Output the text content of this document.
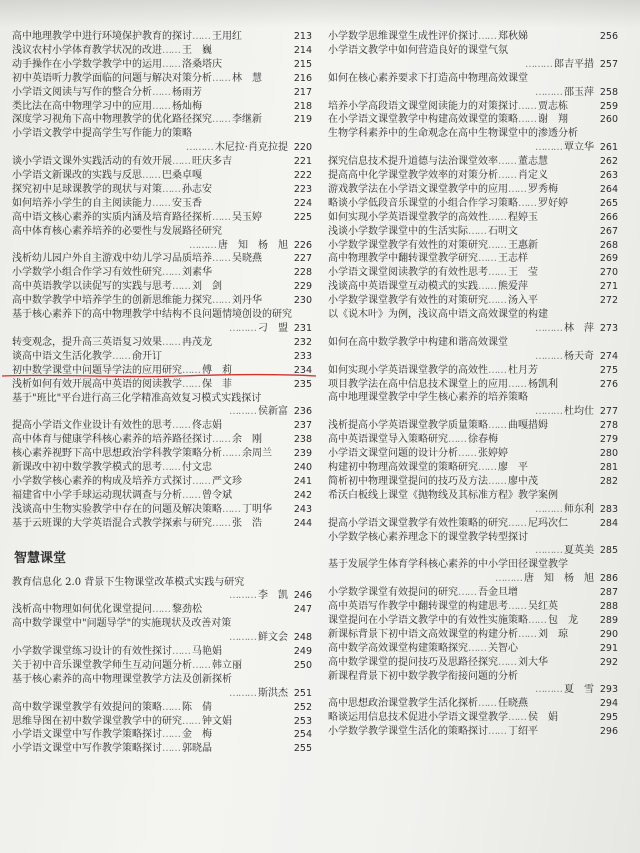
高中地理教学中进行环境保护教育的探讨…… 王用红	213
浅议农村小学体育教学状况的改进…… 王　巍	214
动手操作在小学数学教学中的运用…… 洛桑塔庆	215
初中英语听力教学面临的问题与解决对策分析…… 林　慧	216
小学语文阅读与写作的整合分析…… 杨雨芳	217
类比法在高中物理学习中的应用…… 杨灿梅	218
深度学习视角下高中物理教学的优化路径探究…… 李继新	219
小学语文教学中提高学生写作能力的策略
……… 木尼拉·肖克拉提 220
谈小学语文课外实践活动的有效开展…… 旺庆多吉	221
小学语文新课改的实践与反思…… 巴桑卓嘎	222
探究初中足球课教学的现状与对策…… 孙志安	223
如何培养小学生的自主阅读能力…… 安玉香	224
高中语文核心素养的实质内涵及培育路径探析…… 吴玉婷	225
高中体育核心素养培养的必要性与发展路径研究
……… 唐　知　杨　旭 226
浅析幼儿园户外自主游戏中幼儿学习品质培养…… 吴晓燕	227
小学数学小组合作学习有效性研究…… 刘素华	228
高中英语教学以读促写的实践与思考…… 刘　剑	229
高中数学教学中培养学生的创新思维能力探究…… 刘丹华	230
基于核心素养下的高中物理教学中结构不良问题情境创设的研究
……… 刁　盟 231
转变观念，提升高三英语复习效果…… 冉茂龙	232
谈高中语文生活化教学…… 俞开订	233
初中数学课堂中问题导学法的应用研究…… 傅　莉	234
浅析如何有效开展高中英语的阅读教学…… 保　菲	235
基于"班比"平台进行高三化学精准高效复习模式实践探讨
……… 侯新富 236
提高小学语文作业设计有效性的思考…… 佟志娟	237
高中体育与健康学科核心素养的培养路径探讨…… 余　刚	238
核心素养视野下高中思想政治学科教学策略分析…… 余周兰 239
新课改中初中数学教学模式的思考…… 付文忠	240
小学数学核心素养的构成及培养方式探讨…… 严文珍	241
福建省中小学手球运动现状调查与分析…… 曾令斌	242
浅谈高中生物实验教学中存在的问题及解决策略…… 丁明华 243
基于云班课的大学英语混合式教学探索与研究…… 张　浩	244
智慧课堂
教育信息化 2.0 背景下生物课堂改革模式实践与研究
……… 李　凯 246
浅析高中物理如何优化课堂提问…… 黎劲松	247
高中数学课堂中"问题导学"的实施现状及改善对策
……… 鲜文会 248
小学数学课堂练习设计的有效性探讨…… 马艳娟	249
关于初中音乐课堂教学师生互动问题分析…… 韩立丽	250
基于核心素养的高中物理课堂教学方法及创新探析
……… 斯洪杰 251
高中数学课堂教学有效提问的策略…… 陈　倩	252
思维导图在初中数学课堂教学中的研究…… 钟文娟	253
小学语文课堂中写作教学策略探讨…… 金　梅	254
小学语文课堂中写作教学策略探讨…… 郭晓晶	255
小学数学思维课堂生成性评价探讨…… 郑秋娣	256
小学语文教学中如何营造良好的课堂气氛
……… 郎吉平措 257
如何在核心素养要求下打造高中物理高效课堂
……… 邵玉萍 258
培养小学高段语文课堂阅读能力的对策探讨…… 贾志栋	259
在小学语文课堂教学中构建高效课堂的策略…… 谢　翔	260
生物学科素养中的生命观念在高中生物课堂中的渗透分析
……… 覃立华 261
探究信息技术提升道德与法治课堂效率…… 董志慧	262
提高高中化学课堂教学效率的对策分析…… 肖定义	263
游戏教学法在小学语文课堂教学中的应用…… 罗秀梅	264
略谈小学低段音乐课堂的小组合作学习策略…… 罗好婷	265
如何实现小学英语课堂教学的高效性…… 程婷玉	266
浅谈小学数学课堂中的生活实际…… 石明文	267
小学数学课堂教学有效性的对策研究…… 王惠新	268
高中物理教学中翻转课堂教学研究…… 王志样	269
小学语文课堂阅读教学的有效性思考…… 王　莹	270
浅谈高中英语课堂互动模式的实践…… 熊爱萍	271
小学数学课堂教学有效性的对策研究…… 汤入平	272
以《说木叶》为例，浅议高中语文高效课堂的构建
……… 林　萍 273
如何在高中数学教学中构建和谐高效课堂
……… 杨天奇 274
如何实现小学英语课堂教学的高效性…… 杜月芳	275
项目教学法在高中信息技术课堂上的应用…… 杨凯利	276
高中地理课堂教学中学生核心素养的培养策略
……… 杜均仕 277
浅析提高小学英语课堂教学质量策略…… 曲嘎措姆	278
高中英语课堂导入策略研究…… 徐春梅	279
小学语文课堂问题的设计分析…… 张婷婷	280
构建初中物理高效课堂的策略研究…… 廖　平	281
简析初中物理课堂提问的技巧及方法…… 廖中茂	282
希沃白板线上课堂《抛物线及其标准方程》教学案例
……… 师东利 283
提高小学语文课堂教学有效性策略的研究…… 尼玛次仁	284
小学数学核心素养理念下的课堂教学转型探讨
……… 夏英美 285
基于发展学生体育学科核心素养的中小学田径课堂教学
……… 唐　知　杨　旭 286
小学数学课堂有效提问的研究…… 吾金旦增	287
高中英语写作教学中翻转课堂的构建思考…… 吴红英	288
课堂提问在小学语文教学中的有效性实施策略…… 包　龙 289
新课标背景下初中语文高效课堂的构建分析…… 刘　琼	290
高中数学高效课堂构建策略探究…… 关智心	291
高中数学课堂的提问技巧及思路径探究…… 刘大华	292
新课程背景下初中数学教学衔接问题的分析
……… 夏　雪 293
高中思想政治课堂教学生活化探析…… 任晓燕	294
略谈运用信息技术促进小学语文课堂教学…… 侯　娟	295
小学数学教学课堂生活化的策略探讨…… 丁绍平	296
